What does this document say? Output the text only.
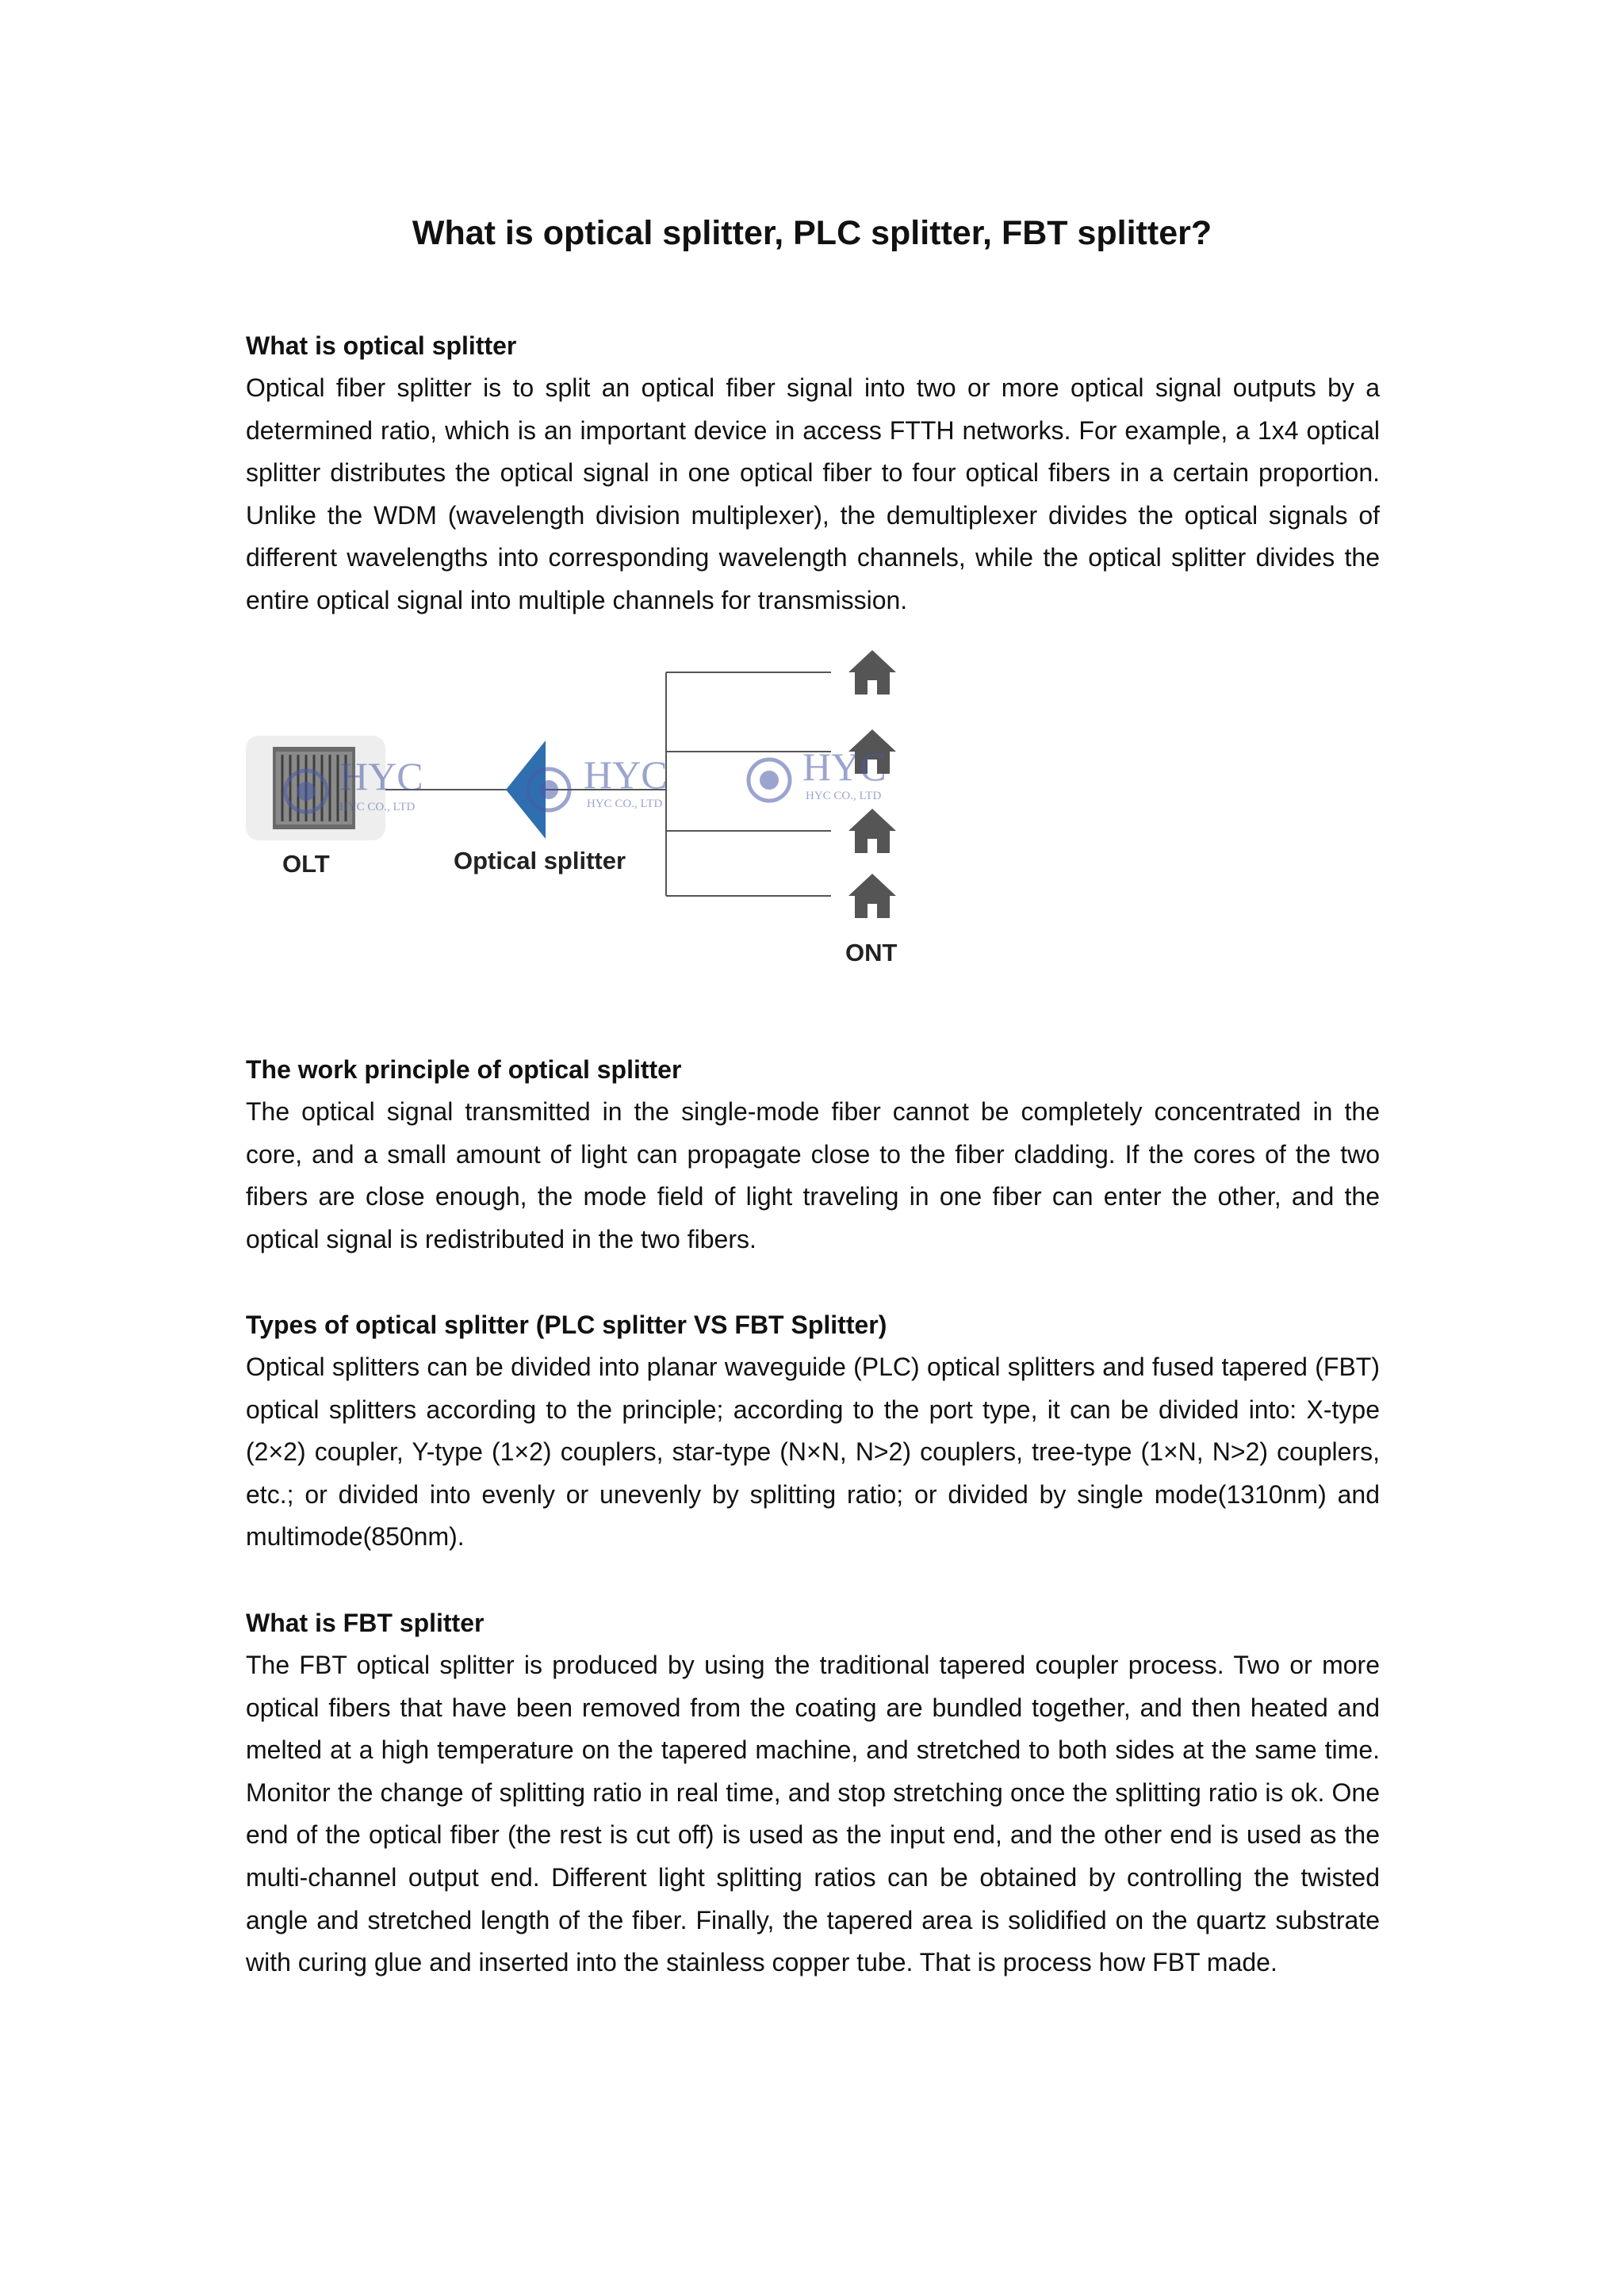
What is optical splitter, PLC splitter, FBT splitter?
What is optical splitter

Optical fiber splitter is to split an optical fiber signal into two or more optical signal outputs by a determined ratio, which is an important device in access FTTH networks. For example, a 1x4 optical splitter distributes the optical signal in one optical fiber to four optical fibers in a certain proportion. Unlike the WDM (wavelength division multiplexer), the demultiplexer divides the optical signals of different wavelengths into corresponding wavelength channels, while the optical splitter divides the entire optical signal into multiple channels for transmission.

HYC
HYC CO., LTD
HYC
HYC CO., LTD
HYC
HYC CO., LTD
OLT	Optical splitter
ONT
The work principle of optical splitter

The optical signal transmitted in the single-mode fiber cannot be completely concentrated in the core, and a small amount of light can propagate close to the fiber cladding. If the cores of the two fibers are close enough, the mode field of light traveling in one fiber can enter the other, and the optical signal is redistributed in the two fibers.

Types of optical splitter (PLC splitter VS FBT Splitter)

Optical splitters can be divided into planar waveguide (PLC) optical splitters and fused tapered (FBT) optical splitters according to the principle; according to the port type, it can be divided into: X-type (2×2) coupler, Y-type (1×2) couplers, star-type (N×N, N>2) couplers, tree-type (1×N, N>2) couplers, etc.; or divided into evenly or unevenly by splitting ratio; or divided by single mode(1310nm) and multimode(850nm).

What is FBT splitter

The FBT optical splitter is produced by using the traditional tapered coupler process. Two or more optical fibers that have been removed from the coating are bundled together, and then heated and melted at a high temperature on the tapered machine, and stretched to both sides at the same time. Monitor the change of splitting ratio in real time, and stop stretching once the splitting ratio is ok. One end of the optical fiber (the rest is cut off) is used as the input end, and the other end is used as the multi-channel output end. Different light splitting ratios can be obtained by controlling the twisted angle and stretched length of the fiber. Finally, the tapered area is solidified on the quartz substrate with curing glue and inserted into the stainless copper tube. That is process how FBT made.
